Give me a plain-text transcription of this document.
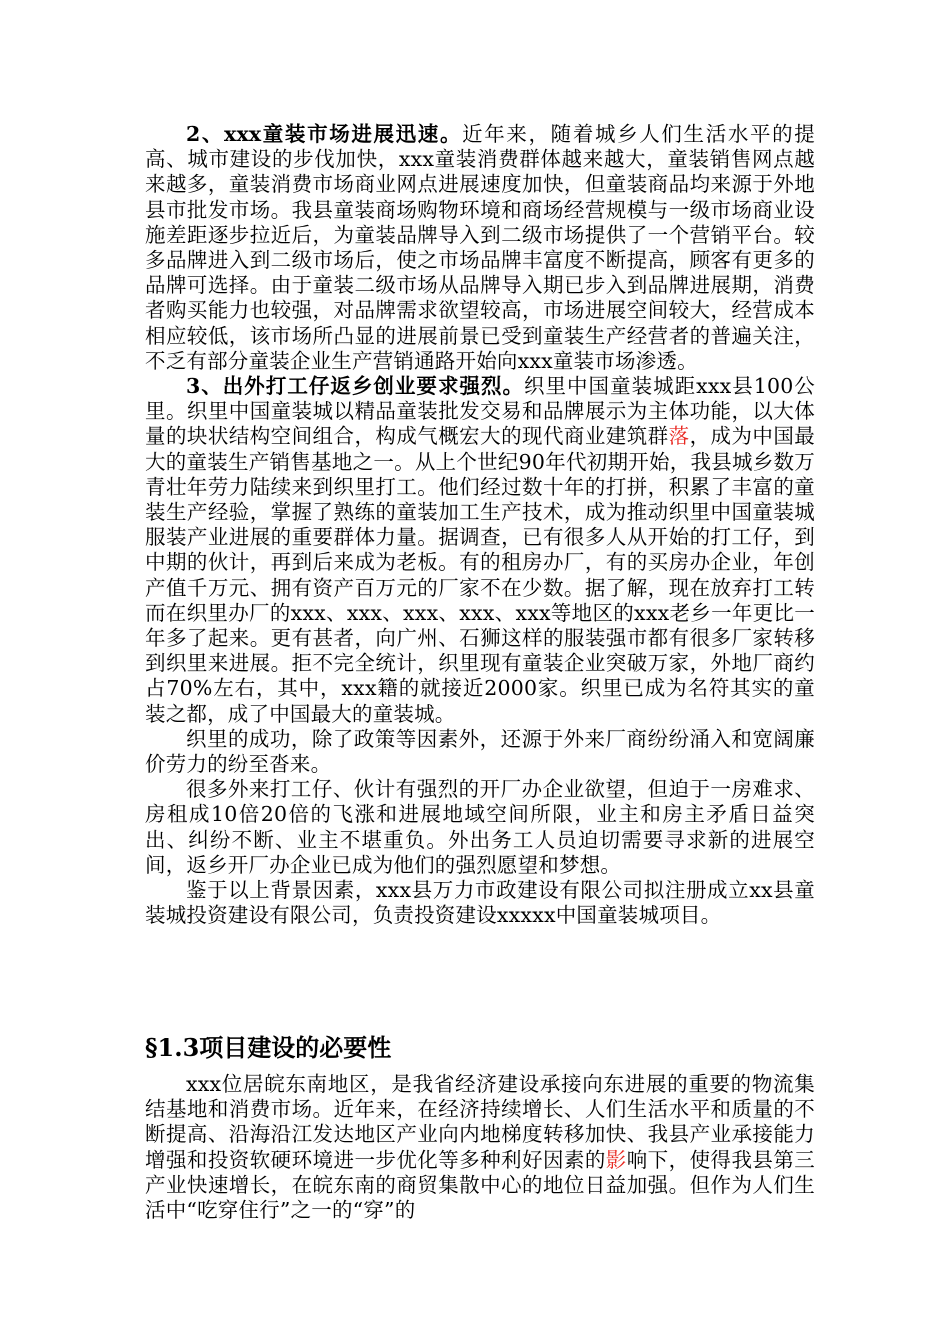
2、xxx童装市场进展迅速。近年来，随着城乡人们生活水平的提高、城市建设的步伐加快，xxx童装消费群体越来越大，童装销售网点越来越多，童装消费市场商业网点进展速度加快，但童装商品均来源于外地县市批发市场。我县童装商场购物环境和商场经营规模与一级市场商业设施差距逐步拉近后，为童装品牌导入到二级市场提供了一个营销平台。较多品牌进入到二级市场后，使之市场品牌丰富度不断提高，顾客有更多的品牌可选择。由于童装二级市场从品牌导入期已步入到品牌进展期，消费者购买能力也较强，对品牌需求欲望较高，市场进展空间较大，经营成本相应较低，该市场所凸显的进展前景已受到童装生产经营者的普遍关注，不乏有部分童装企业生产营销通路开始向xxx童装市场渗透。

3、出外打工仔返乡创业要求强烈。织里中国童装城距xxx县100公里。织里中国童装城以精品童装批发交易和品牌展示为主体功能，以大体量的块状结构空间组合，构成气概宏大的现代商业建筑群落，成为中国最大的童装生产销售基地之一。从上个世纪90年代初期开始，我县城乡数万青壮年劳力陆续来到织里打工。他们经过数十年的打拼，积累了丰富的童装生产经验，掌握了熟练的童装加工生产技术，成为推动织里中国童装城服装产业进展的重要群体力量。据调查，已有很多人从开始的打工仔，到中期的伙计，再到后来成为老板。有的租房办厂，有的买房办企业，年创产值千万元、拥有资产百万元的厂家不在少数。据了解，现在放弃打工转而在织里办厂的xxx、xxx、xxx、xxx、xxx等地区的xxx老乡一年更比一年多了起来。更有甚者，向广州、石狮这样的服装强市都有很多厂家转移到织里来进展。拒不完全统计，织里现有童装企业突破万家，外地厂商约占70%左右，其中，xxx籍的就接近2000家。织里已成为名符其实的童装之都，成了中国最大的童装城。

织里的成功，除了政策等因素外，还源于外来厂商纷纷涌入和宽阔廉价劳力的纷至沓来。

很多外来打工仔、伙计有强烈的开厂办企业欲望，但迫于一房难求、房租成10倍20倍的飞涨和进展地域空间所限，业主和房主矛盾日益突出、纠纷不断、业主不堪重负。外出务工人员迫切需要寻求新的进展空间，返乡开厂办企业已成为他们的强烈愿望和梦想。

鉴于以上背景因素，xxx县万力市政建设有限公司拟注册成立xx县童装城投资建设有限公司，负责投资建设xxxxx中国童装城项目。

§1.3项目建设的必要性

xxx位居皖东南地区，是我省经济建设承接向东进展的重要的物流集结基地和消费市场。近年来，在经济持续增长、人们生活水平和质量的不断提高、沿海沿江发达地区产业向内地梯度转移加快、我县产业承接能力增强和投资软硬环境进一步优化等多种利好因素的影响下，使得我县第三产业快速增长，在皖东南的商贸集散中心的地位日益加强。但作为人们生活中“吃穿住行”之一的“穿”的
